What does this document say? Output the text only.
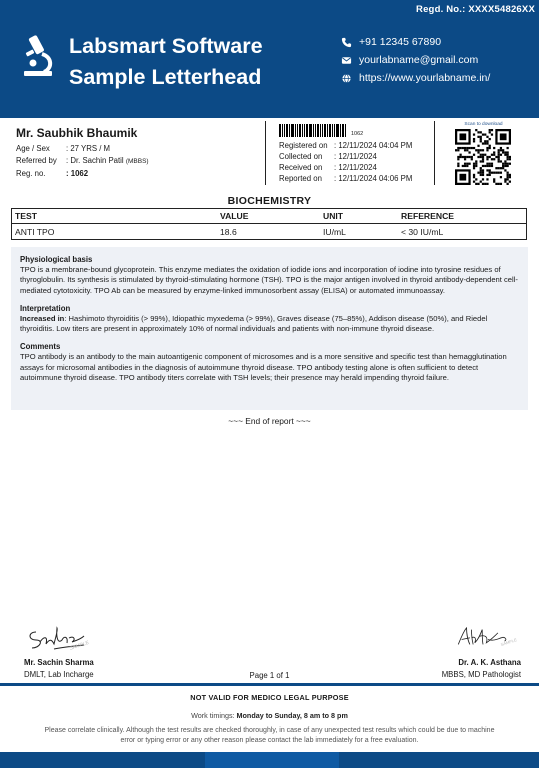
Regd. No.: XXXX54826XX
Labsmart Software
Sample Letterhead
+91 12345 67890
yourlabname@gmail.com
https://www.yourlabname.in/
Mr. Saubhik Bhaumik
Age / Sex	: 27 YRS / M
Referred by	: Dr. Sachin Patil (MBBS)
Reg. no.	: 1062
1062
Registered on : 12/11/2024 04:04 PM
Collected on	: 12/11/2024
Received on	: 12/11/2024
Reported on	: 12/11/2024 04:06 PM
Scan to download
BIOCHEMISTRY
TEST	VALUE	UNIT	REFERENCE
ANTI TPO	18.6	IU/mL	< 30 IU/mL
Physiological basis

TPO is a membrane-bound glycoprotein. This enzyme mediates the oxidation of iodide ions and incorporation of iodine into tyrosine residues of thyroglobulin. Its synthesis is stimulated by thyroid-stimulating hormone (TSH). TPO is the major antigen involved in thyroid antibody-dependent cell-mediated cytotoxicity. TPO Ab can be measured by enzyme-linked immunosorbent assay (ELISA) or automated immunoassay.

Interpretation

Increased in: Hashimoto thyroiditis (> 99%), Idiopathic myxedema (> 99%), Graves disease (75–85%), Addison disease (50%), and Riedel thyroiditis. Low titers are present in approximately 10% of normal individuals and patients with non-immune thyroid disease.

Comments

TPO antibody is an antibody to the main autoantigenic component of microsomes and is a more sensitive and specific test than hemagglutination assays for microsomal antibodies in the diagnosis of autoimmune thyroid disease. TPO antibody testing alone is often sufficient to detect autoimmune thyroid disease. TPO antibody titers correlate with TSH levels; their presence may herald impending thyroid failure.

~~~ End of report ~~~
SAMPLE
Mr. Sachin Sharma
DMLT, Lab Incharge	Page 1 of 1
SAMPLE
Dr. A. K. Asthana
MBBS, MD Pathologist
NOT VALID FOR MEDICO LEGAL PURPOSE
Work timings: Monday to Sunday, 8 am to 8 pm
Please correlate clinically. Although the test results are checked thoroughly, in case of any unexpected test results which could be due to machine error or typing error or any other reason please contact the lab immediately for a free evaluation.
